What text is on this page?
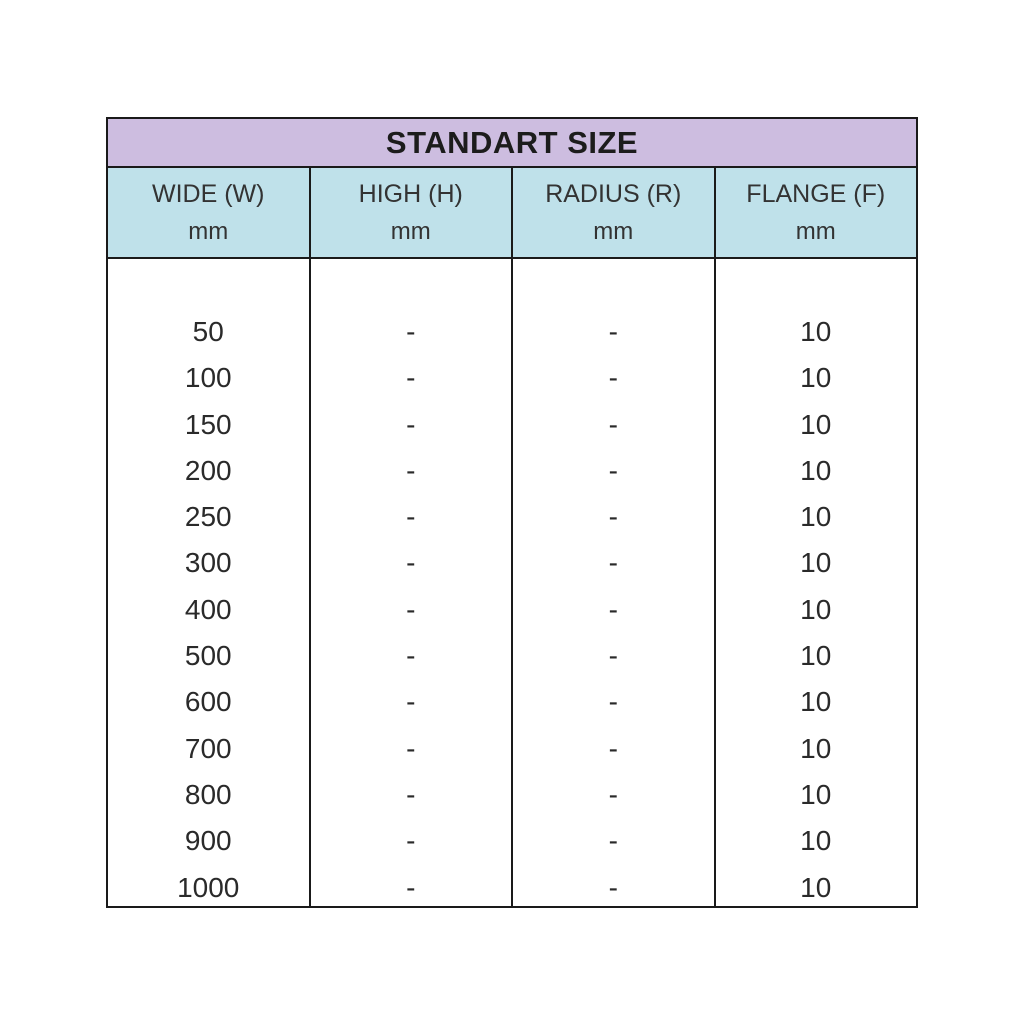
STANDART SIZE
WIDE (W)
mm
HIGH (H)
mm
RADIUS (R)
mm
FLANGE (F)
mm
50
100
150
200
250
300
400
500
600
700
800
900
1000
-
-
-
-
-
-
-
-
-
-
-
-
-
-
-
-
-
-
-
-
-
-
-
-
-
-
10
10
10
10
10
10
10
10
10
10
10
10
10
